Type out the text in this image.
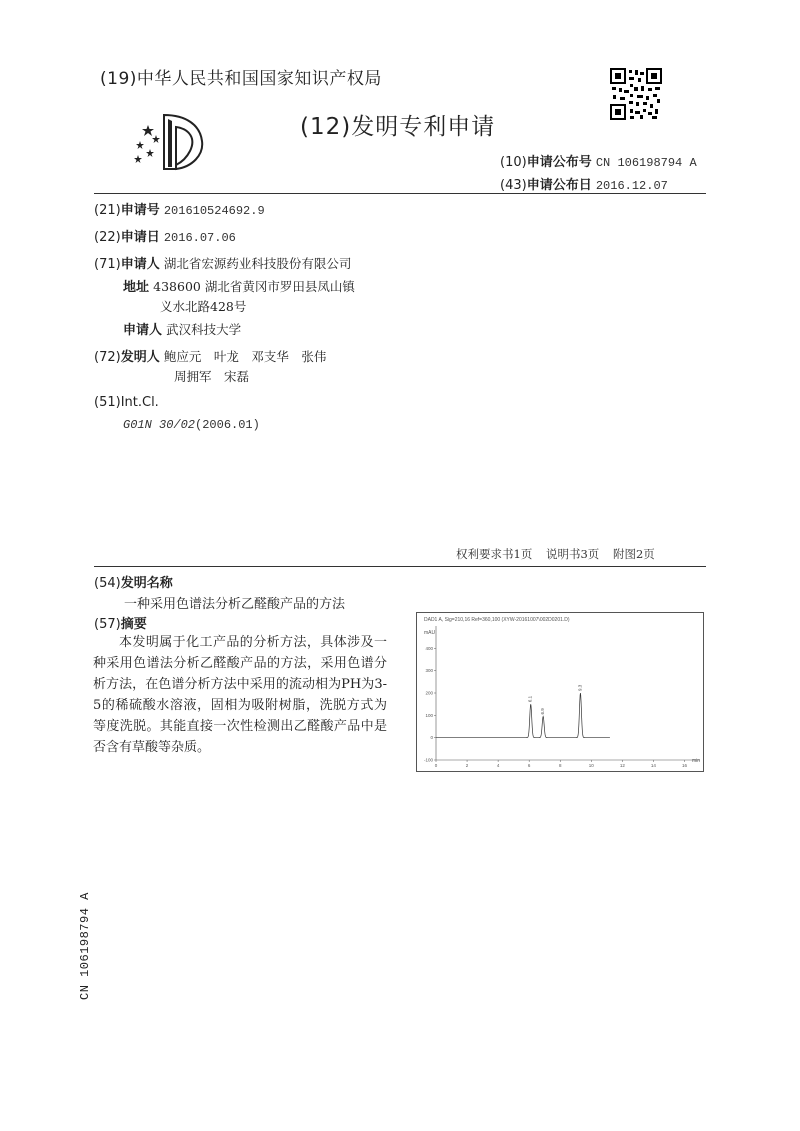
(19)中华人民共和国国家知识产权局
(12)发明专利申请
(10)申请公布号 CN 106198794 A
(43)申请公布日 2016.12.07
(21)申请号 201610524692.9
(22)申请日 2016.07.06
(71)申请人 湖北省宏源药业科技股份有限公司
地址 438600 湖北省黄冈市罗田县凤山镇
义水北路428号
申请人 武汉科技大学
(72)发明人 鲍应元　叶龙　邓支华　张伟
周拥军　宋磊
(51)Int.Cl.
G01N 30/02(2006.01)
权利要求书1页 说明书3页 附图2页
(54)发明名称
一种采用色谱法分析乙醛酸产品的方法
(57)摘要
本发明属于化工产品的分析方法，具体涉及一种采用色谱法分析乙醛酸产品的方法，采用色谱分析方法，在色谱分析方法中采用的流动相为PH为3-5的稀硫酸水溶液，固相为吸附树脂，洗脱方式为等度洗脱。其能直接一次性检测出乙醛酸产品中是否含有草酸等杂质。
DAD1 A, Sig=210,16 Ref=360,100 (XYW-20161007\002D0201.D)
mAU
min
-100
0
100
200
300
400
0	2	4	6	8	10	12	14	16
6.1
6.9
9.3
CN 106198794 A
